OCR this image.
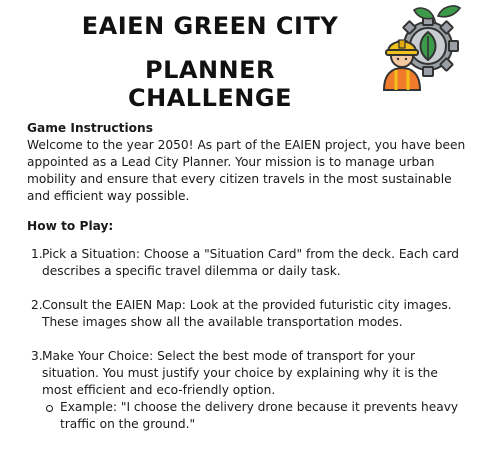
EAIEN GREEN CITY
PLANNER CHALLENGE
Game Instructions
Welcome to the year 2050! As part of the EAIEN project, you have been appointed as a Lead City Planner. Your mission is to manage urban mobility and ensure that every citizen travels in the most sustainable and efficient way possible.
How to Play:
1. Pick a Situation: Choose a "Situation Card" from the deck. Each card describes a specific travel dilemma or daily task.
2. Consult the EAIEN Map: Look at the provided futuristic city images. These images show all the available transportation modes.
3. Make Your Choice: Select the best mode of transport for your situation. You must justify your choice by explaining why it is the most efficient and eco-friendly option.
Example: "I choose the delivery drone because it prevents heavy traffic on the ground."
